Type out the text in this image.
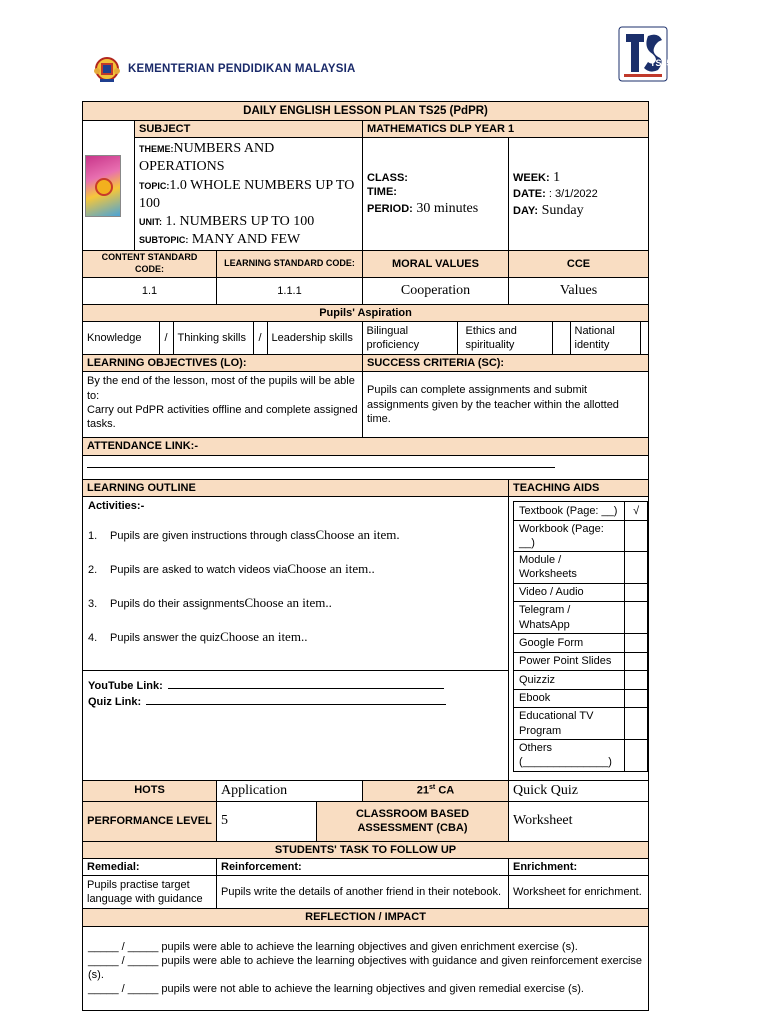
KEMENTERIAN PENDIDIKAN MALAYSIA	TS25
DAILY ENGLISH LESSON PLAN TS25 (PdPR)

	SUBJECT	MATHEMATICS DLP YEAR 1

THEME:NUMBERS AND OPERATIONS
TOPIC:1.0 WHOLE NUMBERS UP TO 100
UNIT: 1. NUMBERS UP TO 100
SUBTOPIC: MANY AND FEW

CLASS:
TIME:
PERIOD: 30 minutes

WEEK: 1
DATE: : 3/1/2022
DAY: Sunday

CONTENT STANDARD CODE:	LEARNING STANDARD CODE:	MORAL VALUES	CCE
1.1	1.1.1	Cooperation	Values
Pupils' Aspiration

Knowledge	/	Thinking skills	/	Leadership skills	Bilingual proficiency	Ethics and spirituality		National identity	

LEARNING OBJECTIVES (LO):	SUCCESS CRITERIA (SC):

By the end of the lesson, most of the pupils will be able to:
Carry out PdPR activities offline and complete assigned tasks.
	Pupils can complete assignments and submit assignments given by the teacher within the allotted time.
ATTENDANCE LINK:-

LEARNING OUTLINE	TEACHING AIDS

Activities:-
1.	Pupils are given instructions through class Choose an item.
2.	Pupils are asked to watch videos via Choose an item..
3.	Pupils do their assignments Choose an item..
4.	Pupils answer the quiz Choose an item..
YouTube Link:
Quiz Link:

Textbook (Page: __)	√
Workbook (Page: __)	
Module / Worksheets	
Video / Audio	
Telegram / WhatsApp	
Google Form	
Power Point Slides	
Quizziz	
Ebook	
Educational TV Program	
Others (______________)	

HOTS	Application	21st CA	Quick Quiz
PERFORMANCE LEVEL	5	CLASSROOM BASED ASSESSMENT (CBA)	Worksheet
STUDENTS' TASK TO FOLLOW UP
Remedial:	Reinforcement:	Enrichment:
Pupils practise target language with guidance	Pupils write the details of another friend in their notebook.	Worksheet for enrichment.
REFLECTION / IMPACT

_____ / _____ pupils were able to achieve the learning objectives and given enrichment exercise (s).
_____ / _____ pupils were able to achieve the learning objectives with guidance and given reinforcement exercise (s).
_____ / _____ pupils were not able to achieve the learning objectives and given remedial exercise (s).
